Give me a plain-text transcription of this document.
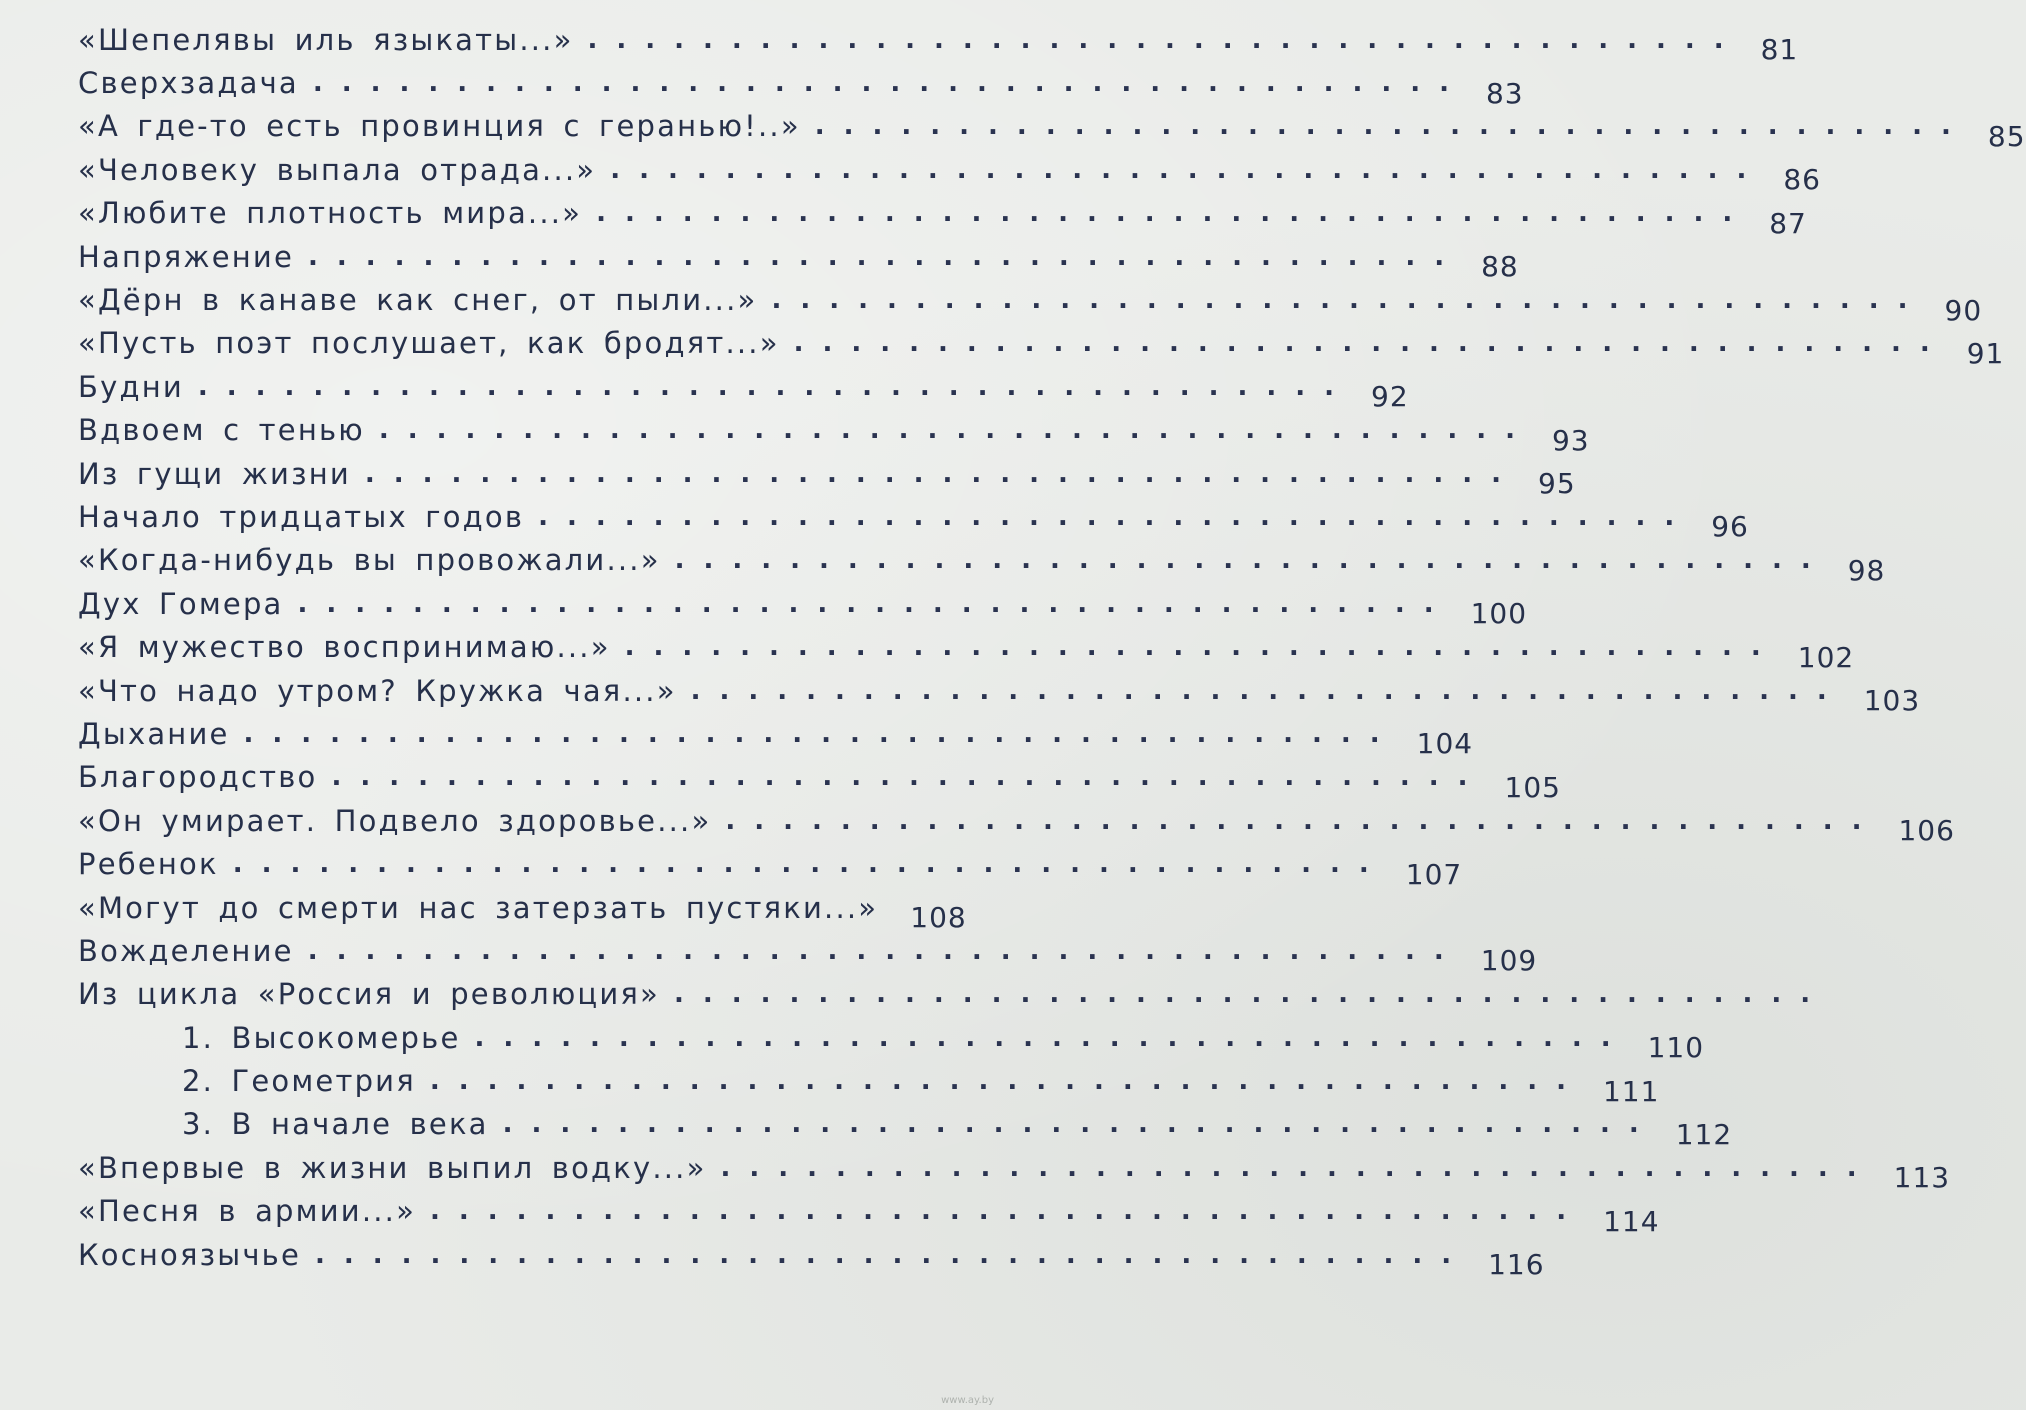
«Шепелявы иль языкаты...» ........................................ 81
Сверхзадача ........................................ 83
«А где-то есть провинция с геранью!..» ........................................ 85
«Человеку выпала отрада...» ........................................ 86
«Любите плотность мира...» ........................................ 87
Напряжение ........................................ 88
«Дёрн в канаве как снег, от пыли...» ........................................ 90
«Пусть поэт послушает, как бродят...» ........................................ 91
Будни ........................................ 92
Вдвоем с тенью ........................................ 93
Из гущи жизни ........................................ 95
Начало тридцатых годов ........................................ 96
«Когда-нибудь вы провожали...» ........................................ 98
Дух Гомера ........................................ 100
«Я мужество воспринимаю...» ........................................ 102
«Что надо утром? Кружка чая...» ........................................ 103
Дыхание ........................................ 104
Благородство ........................................ 105
«Он умирает. Подвело здоровье...» ........................................ 106
Ребенок ........................................ 107
«Могут до смерти нас затерзать пустяки...»	108
Вожделение ........................................ 109
Из цикла «Россия и революция» ........................................
1. Высокомерье ........................................ 110
2. Геометрия ........................................ 111
3. В начале века ........................................ 112
«Впервые в жизни выпил водку...» ........................................ 113
«Песня в армии...» ........................................ 114
Косноязычье ........................................ 116
www.ay.by
